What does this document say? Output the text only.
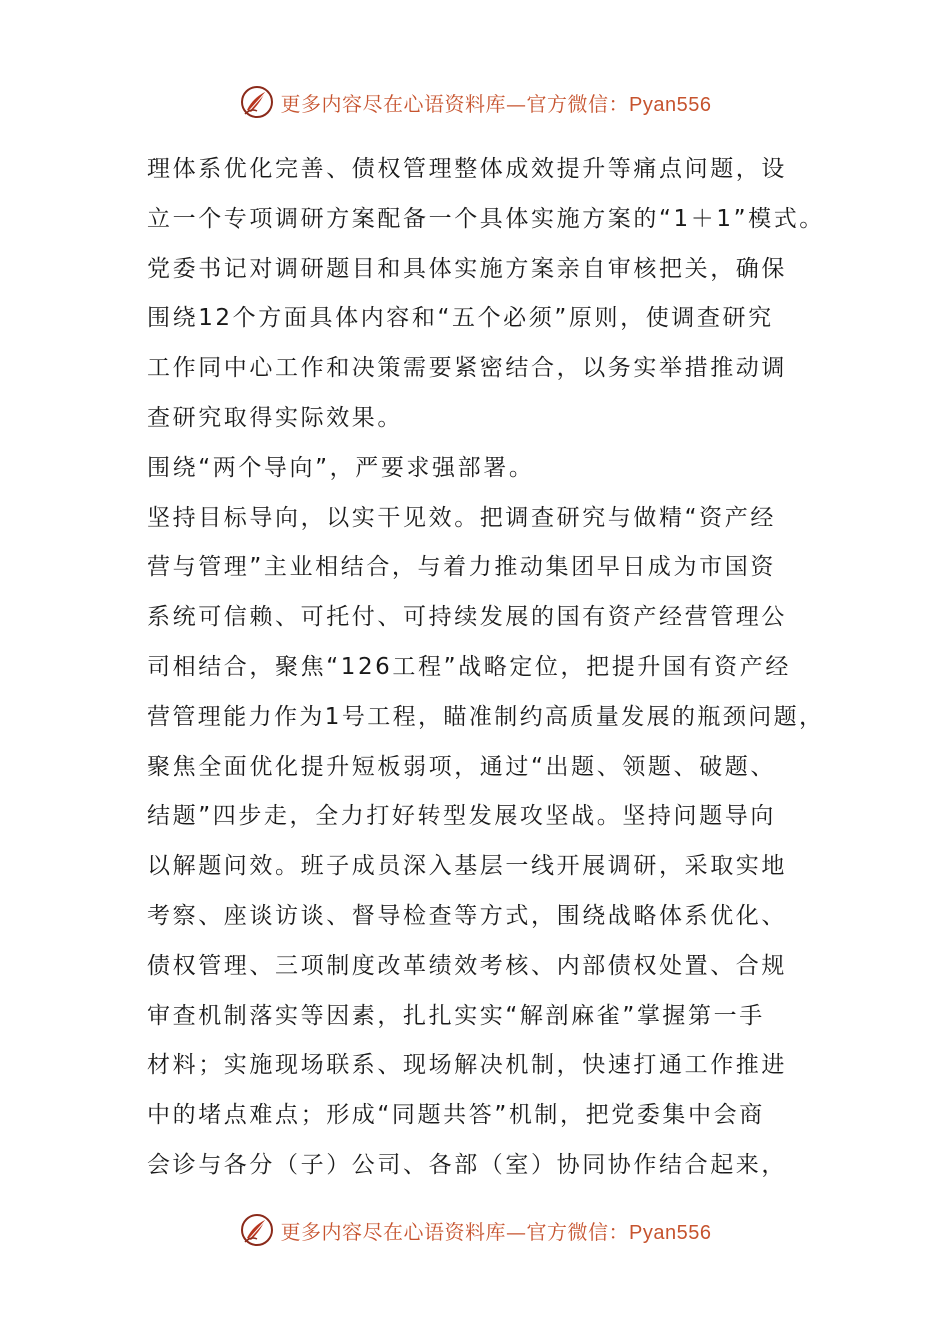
更多内容尽在心语资料库—官方微信：Pyan556
理体系优化完善、债权管理整体成效提升等痛点问题，设
立一个专项调研方案配备一个具体实施方案的“1＋1”模式。
党委书记对调研题目和具体实施方案亲自审核把关，确保
围绕12个方面具体内容和“五个必须”原则，使调查研究
工作同中心工作和决策需要紧密结合，以务实举措推动调
查研究取得实际效果。
围绕“两个导向”，严要求强部署。
坚持目标导向，以实干见效。把调查研究与做精“资产经
营与管理”主业相结合，与着力推动集团早日成为市国资
系统可信赖、可托付、可持续发展的国有资产经营管理公
司相结合，聚焦“126工程”战略定位，把提升国有资产经
营管理能力作为1号工程，瞄准制约高质量发展的瓶颈问题，
聚焦全面优化提升短板弱项，通过“出题、领题、破题、
结题”四步走，全力打好转型发展攻坚战。坚持问题导向
以解题问效。班子成员深入基层一线开展调研，采取实地
考察、座谈访谈、督导检查等方式，围绕战略体系优化、
债权管理、三项制度改革绩效考核、内部债权处置、合规
审查机制落实等因素，扎扎实实“解剖麻雀”掌握第一手
材料；实施现场联系、现场解决机制，快速打通工作推进
中的堵点难点；形成“同题共答”机制，把党委集中会商
会诊与各分（子）公司、各部（室）协同协作结合起来，
更多内容尽在心语资料库—官方微信：Pyan556
